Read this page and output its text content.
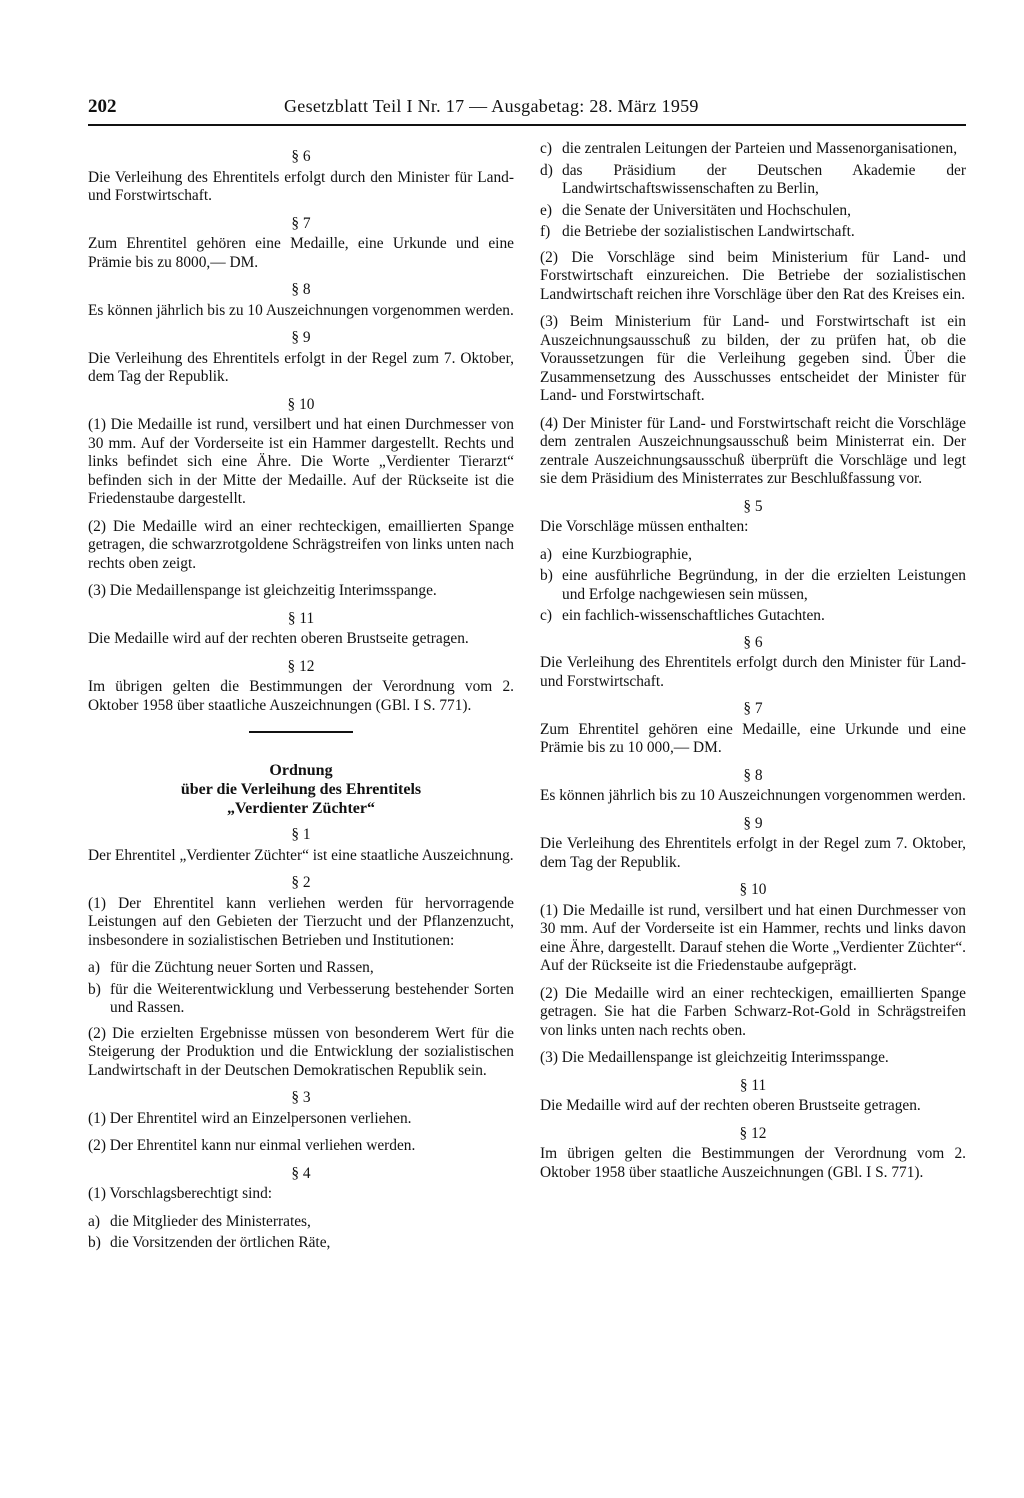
202	Gesetzblatt Teil I Nr. 17 — Ausgabetag: 28. März 1959
§ 6

Die Verleihung des Ehrentitels erfolgt durch den Minister für Land- und Forstwirtschaft.

§ 7

Zum Ehrentitel gehören eine Medaille, eine Urkunde und eine Prämie bis zu 8000,— DM.

§ 8

Es können jährlich bis zu 10 Auszeichnungen vorgenommen werden.

§ 9

Die Verleihung des Ehrentitels erfolgt in der Regel zum 7. Oktober, dem Tag der Republik.

§ 10

(1) Die Medaille ist rund, versilbert und hat einen Durchmesser von 30 mm. Auf der Vorderseite ist ein Hammer dargestellt. Rechts und links befindet sich eine Ähre. Die Worte „Verdienter Tierarzt“ befinden sich in der Mitte der Medaille. Auf der Rückseite ist die Friedenstaube dargestellt.

(2) Die Medaille wird an einer rechteckigen, emaillierten Spange getragen, die schwarzrotgoldene Schrägstreifen von links unten nach rechts oben zeigt.

(3) Die Medaillenspange ist gleichzeitig Interimsspange.

§ 11

Die Medaille wird auf der rechten oberen Brustseite getragen.

§ 12

Im übrigen gelten die Bestimmungen der Verordnung vom 2. Oktober 1958 über staatliche Auszeichnungen (GBl. I S. 771).

Ordnung
über die Verleihung des Ehrentitels
„Verdienter Züchter“
§ 1

Der Ehrentitel „Verdienter Züchter“ ist eine staatliche Auszeichnung.

§ 2

(1) Der Ehrentitel kann verliehen werden für hervorragende Leistungen auf den Gebieten der Tierzucht und der Pflanzenzucht, insbesondere in sozialistischen Betrieben und Institutionen:

a) für die Züchtung neuer Sorten und Rassen,
b) für die Weiterentwicklung und Verbesserung bestehender Sorten und Rassen.

(2) Die erzielten Ergebnisse müssen von besonderem Wert für die Steigerung der Produktion und die Entwicklung der sozialistischen Landwirtschaft in der Deutschen Demokratischen Republik sein.

§ 3

(1) Der Ehrentitel wird an Einzelpersonen verliehen.

(2) Der Ehrentitel kann nur einmal verliehen werden.

§ 4

(1) Vorschlagsberechtigt sind:

a) die Mitglieder des Ministerrates,
b) die Vorsitzenden der örtlichen Räte,
c) die zentralen Leitungen der Parteien und Massenorganisationen,
d) das Präsidium der Deutschen Akademie der Landwirtschaftswissenschaften zu Berlin,
e) die Senate der Universitäten und Hochschulen,
f) die Betriebe der sozialistischen Landwirtschaft.

(2) Die Vorschläge sind beim Ministerium für Land- und Forstwirtschaft einzureichen. Die Betriebe der sozialistischen Landwirtschaft reichen ihre Vorschläge über den Rat des Kreises ein.

(3) Beim Ministerium für Land- und Forstwirtschaft ist ein Auszeichnungsausschuß zu bilden, der zu prüfen hat, ob die Voraussetzungen für die Verleihung gegeben sind. Über die Zusammensetzung des Ausschusses entscheidet der Minister für Land- und Forstwirtschaft.

(4) Der Minister für Land- und Forstwirtschaft reicht die Vorschläge dem zentralen Auszeichnungsausschuß beim Ministerrat ein. Der zentrale Auszeichnungsausschuß überprüft die Vorschläge und legt sie dem Präsidium des Ministerrates zur Beschlußfassung vor.

§ 5

Die Vorschläge müssen enthalten:

a) eine Kurzbiographie,
b) eine ausführliche Begründung, in der die erzielten Leistungen und Erfolge nachgewiesen sein müssen,
c) ein fachlich-wissenschaftliches Gutachten.
§ 6

Die Verleihung des Ehrentitels erfolgt durch den Minister für Land- und Forstwirtschaft.

§ 7

Zum Ehrentitel gehören eine Medaille, eine Urkunde und eine Prämie bis zu 10 000,— DM.

§ 8

Es können jährlich bis zu 10 Auszeichnungen vorgenommen werden.

§ 9

Die Verleihung des Ehrentitels erfolgt in der Regel zum 7. Oktober, dem Tag der Republik.

§ 10

(1) Die Medaille ist rund, versilbert und hat einen Durchmesser von 30 mm. Auf der Vorderseite ist ein Hammer, rechts und links davon eine Ähre, dargestellt. Darauf stehen die Worte „Verdienter Züchter“. Auf der Rückseite ist die Friedenstaube aufgeprägt.

(2) Die Medaille wird an einer rechteckigen, emaillierten Spange getragen. Sie hat die Farben Schwarz-Rot-Gold in Schrägstreifen von links unten nach rechts oben.

(3) Die Medaillenspange ist gleichzeitig Interimsspange.

§ 11

Die Medaille wird auf der rechten oberen Brustseite getragen.

§ 12

Im übrigen gelten die Bestimmungen der Verordnung vom 2. Oktober 1958 über staatliche Auszeichnungen (GBl. I S. 771).
